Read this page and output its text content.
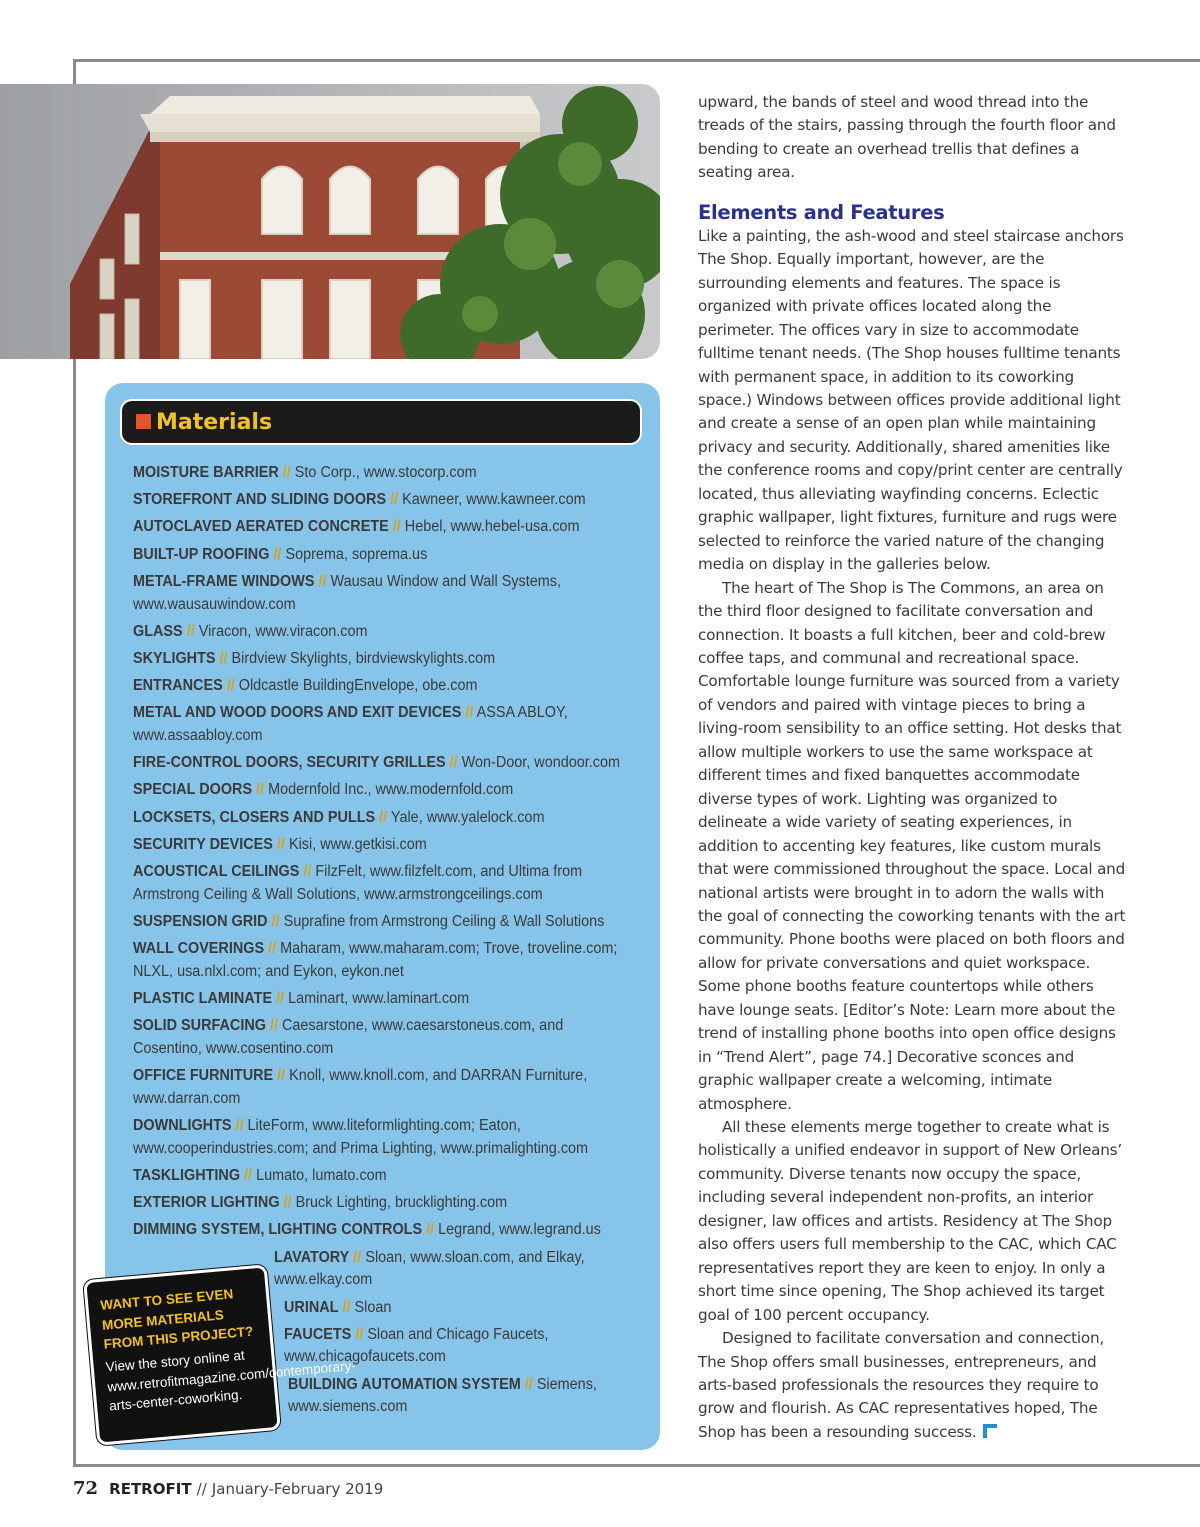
Materials
MOISTURE BARRIER // Sto Corp., www.stocorp.com
STOREFRONT AND SLIDING DOORS // Kawneer, www.kawneer.com
AUTOCLAVED AERATED CONCRETE // Hebel, www.hebel-usa.com
BUILT-UP ROOFING // Soprema, soprema.us
METAL-FRAME WINDOWS // Wausau Window and Wall Systems, www.wausauwindow.com
GLASS // Viracon, www.viracon.com
SKYLIGHTS // Birdview Skylights, birdviewskylights.com
ENTRANCES // Oldcastle BuildingEnvelope, obe.com
METAL AND WOOD DOORS AND EXIT DEVICES // ASSA ABLOY, www.assaabloy.com
FIRE-CONTROL DOORS, SECURITY GRILLES // Won-Door, wondoor.com
SPECIAL DOORS // Modernfold Inc., www.modernfold.com
LOCKSETS, CLOSERS AND PULLS // Yale, www.yalelock.com
SECURITY DEVICES // Kisi, www.getkisi.com
ACOUSTICAL CEILINGS // FilzFelt, www.filzfelt.com, and Ultima from Armstrong Ceiling & Wall Solutions, www.armstrongceilings.com
SUSPENSION GRID // Suprafine from Armstrong Ceiling & Wall Solutions
WALL COVERINGS // Maharam, www.maharam.com; Trove, troveline.com; NLXL, usa.nlxl.com; and Eykon, eykon.net
PLASTIC LAMINATE // Laminart, www.laminart.com
SOLID SURFACING // Caesarstone, www.caesarstoneus.com, and Cosentino, www.cosentino.com
OFFICE FURNITURE // Knoll, www.knoll.com, and DARRAN Furniture, www.darran.com
DOWNLIGHTS // LiteForm, www.liteformlighting.com; Eaton, www.cooperindustries.com; and Prima Lighting, www.primalighting.com
TASKLIGHTING // Lumato, lumato.com
EXTERIOR LIGHTING // Bruck Lighting, brucklighting.com
DIMMING SYSTEM, LIGHTING CONTROLS // Legrand, www.legrand.us
LAVATORY // Sloan, www.sloan.com, and Elkay, www.elkay.com
URINAL // Sloan
FAUCETS // Sloan and Chicago Faucets, www.chicagofaucets.com
BUILDING AUTOMATION SYSTEM // Siemens, www.siemens.com
WANT TO SEE EVEN MORE MATERIALS FROM THIS PROJECT?
View the story online at www.retrofitmagazine.com/contemporary-arts-center-coworking.

upward, the bands of steel and wood thread into the treads of the stairs, passing through the fourth floor and bending to create an overhead trellis that defines a seating area.

Elements and Features

Like a painting, the ash-wood and steel staircase anchors The Shop. Equally important, however, are the surrounding elements and features. The space is organized with private offices located along the perimeter. The offices vary in size to accommodate fulltime tenant needs. (The Shop houses fulltime tenants with permanent space, in addition to its coworking space.) Windows between offices provide additional light and create a sense of an open plan while maintaining privacy and security. Additionally, shared amenities like the conference rooms and copy/print center are centrally located, thus alleviating wayfinding concerns. Eclectic graphic wallpaper, light fixtures, furniture and rugs were selected to reinforce the varied nature of the changing media on display in the galleries below.

The heart of The Shop is The Commons, an area on the third floor designed to facilitate conversation and connection. It boasts a full kitchen, beer and cold-brew coffee taps, and communal and recreational space. Comfortable lounge furniture was sourced from a variety of vendors and paired with vintage pieces to bring a living-room sensibility to an office setting. Hot desks that allow multiple workers to use the same workspace at different times and fixed banquettes accommodate diverse types of work. Lighting was organized to delineate a wide variety of seating experiences, in addition to accenting key features, like custom murals that were commissioned throughout the space. Local and national artists were brought in to adorn the walls with the goal of connecting the coworking tenants with the art community. Phone booths were placed on both floors and allow for private conversations and quiet workspace. Some phone booths feature countertops while others have lounge seats. [Editor’s Note: Learn more about the trend of installing phone booths into open office designs in “Trend Alert”, page 74.] Decorative sconces and graphic wallpaper create a welcoming, intimate atmosphere.

All these elements merge together to create what is holistically a unified endeavor in support of New Orleans’ community. Diverse tenants now occupy the space, including several independent non-profits, an interior designer, law offices and artists. Residency at The Shop also offers users full membership to the CAC, which CAC representatives report they are keen to enjoy. In only a short time since opening, The Shop achieved its target goal of 100 percent occupancy.

Designed to facilitate conversation and connection, The Shop offers small businesses, entrepreneurs, and arts-based professionals the resources they require to grow and flourish. As CAC representatives hoped, The Shop has been a resounding success.

72 RETROFIT // January-February 2019
